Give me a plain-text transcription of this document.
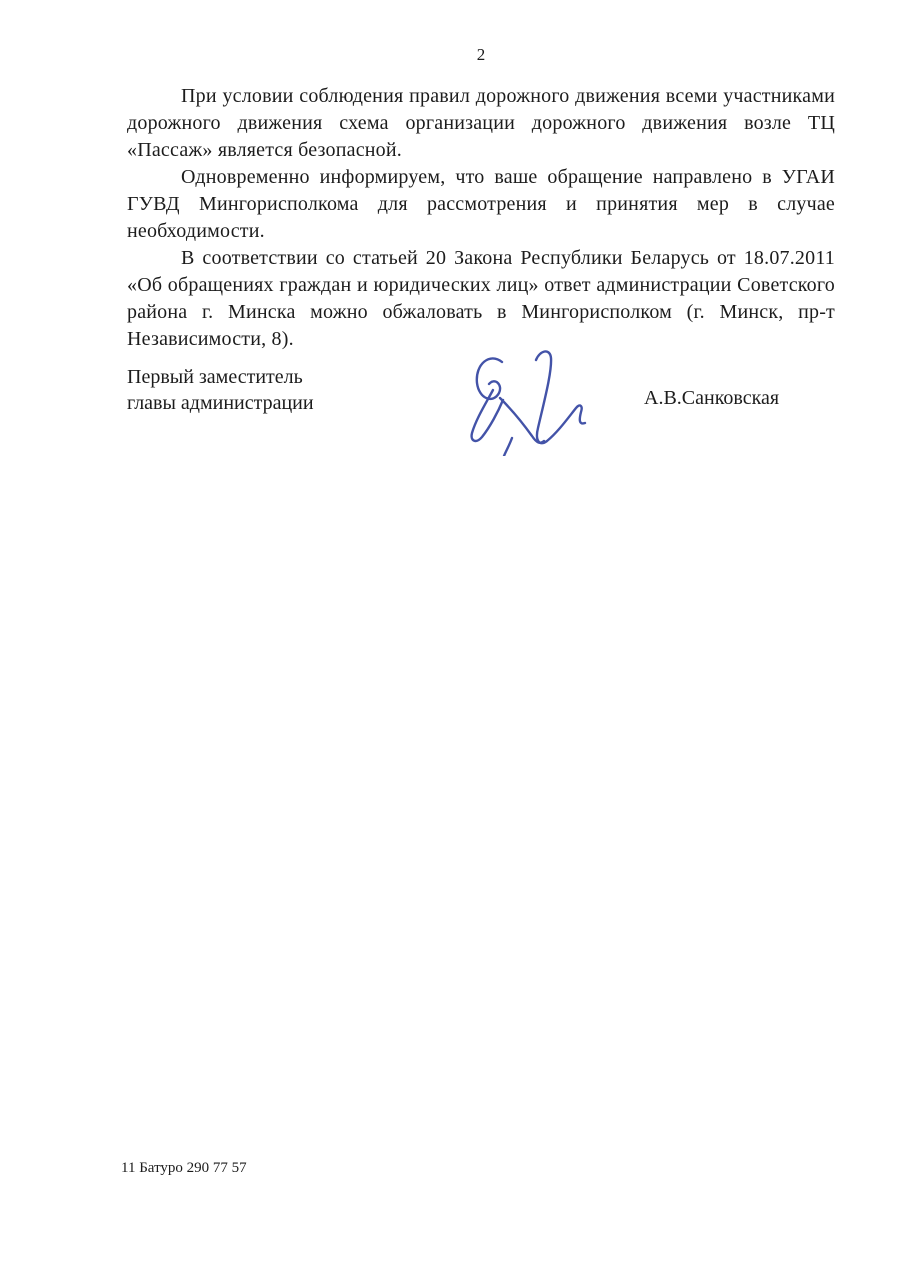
2

При условии соблюдения правил дорожного движения всеми участниками дорожного движения схема организации дорожного движения возле ТЦ «Пассаж» является безопасной.

Одновременно информируем, что ваше обращение направлено в УГАИ ГУВД Мингорисполкома для рассмотрения и принятия мер в случае необходимости.

В соответствии со статьей 20 Закона Республики Беларусь от 18.07.2011 «Об обращениях граждан и юридических лиц» ответ администрации Советского района г. Минска можно обжаловать в Мингорисполком (г. Минск, пр-т Независимости, 8).

Первый заместитель
главы администрации	А.В.Санковская
11 Батуро 290 77 57
